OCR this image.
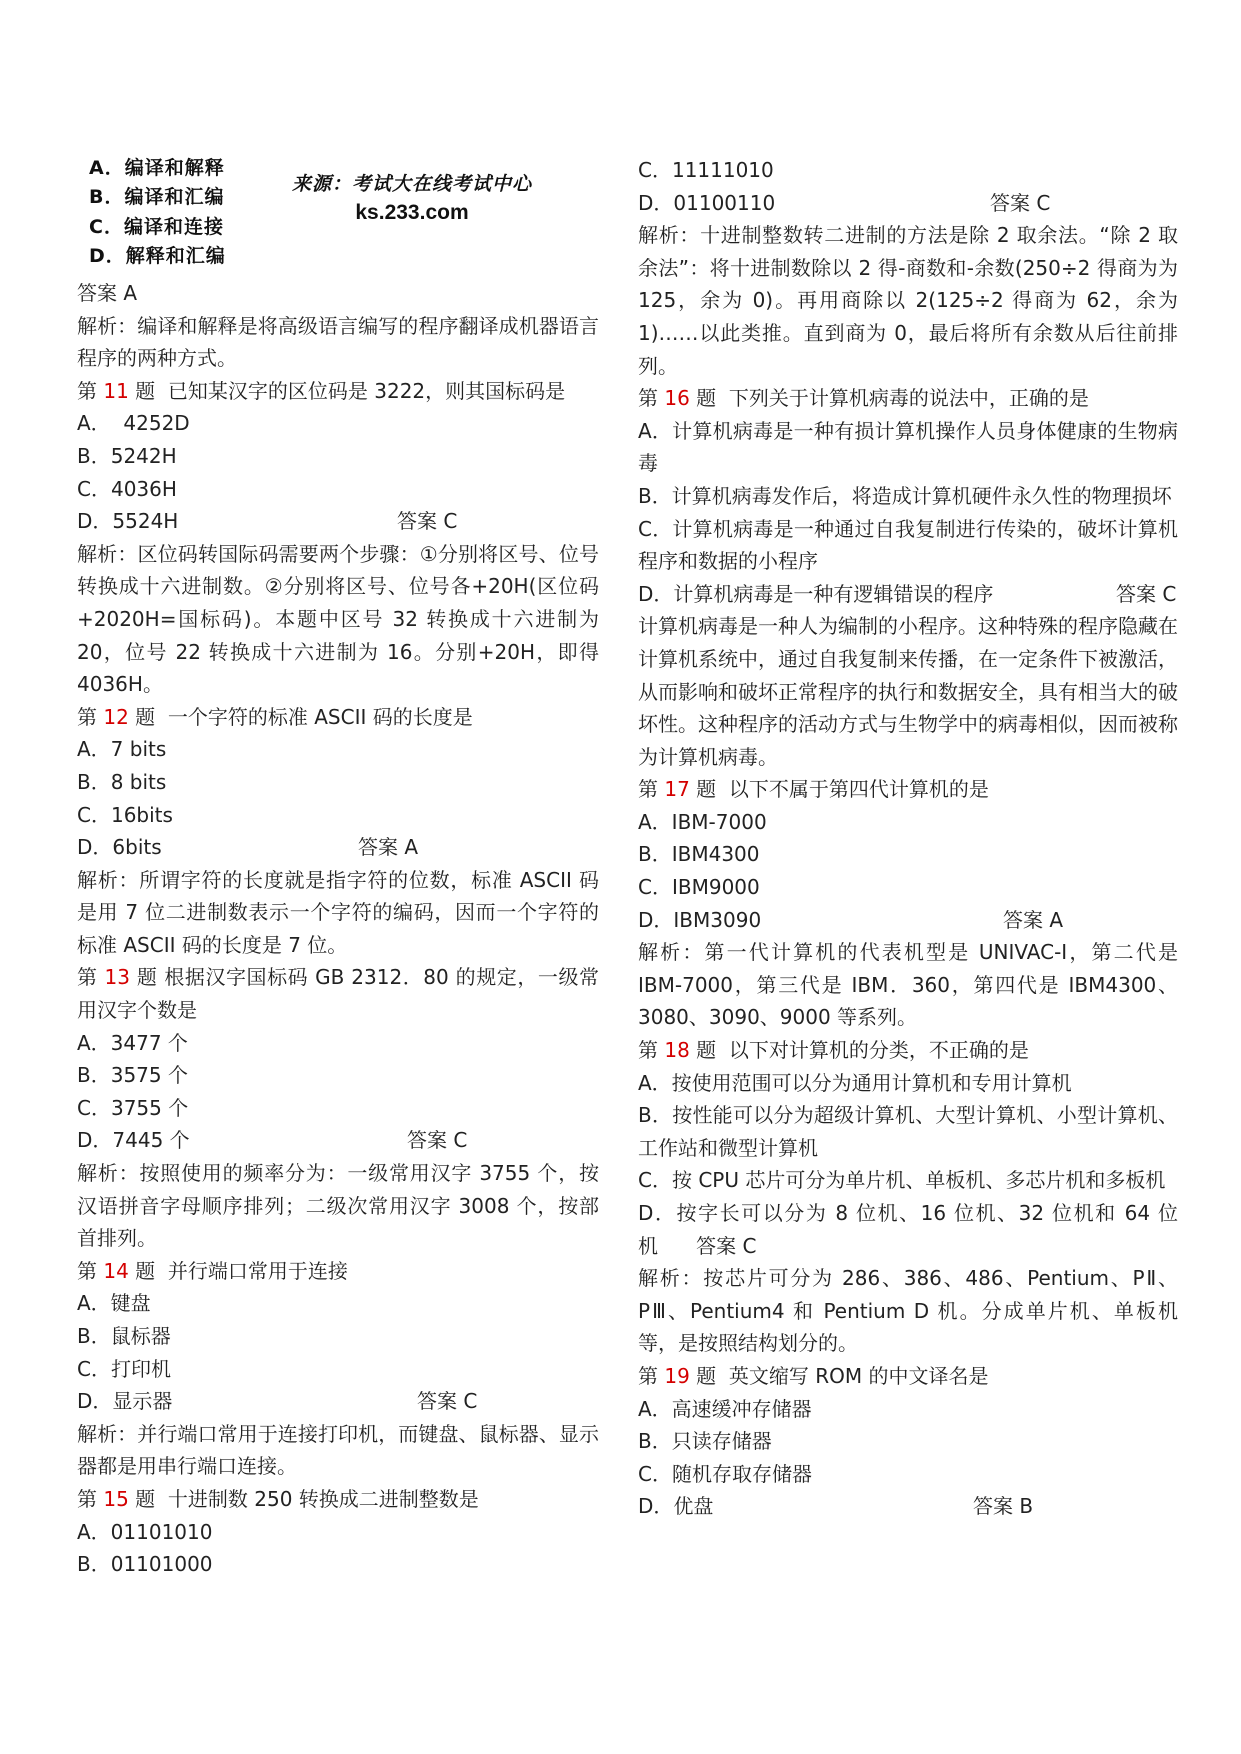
A．编译和解释
B．编译和汇编
C．编译和连接
D．解释和汇编
来源：考试大在线考试中心
ks.233.com
答案 A
解析：编译和解释是将高级语言编写的程序翻译成机器语言程序的两种方式。
第 11 题  已知某汉字的区位码是 3222，则其国标码是
A．  4252D
B．5242H
C．4036H
D．5524H	答案 C
解析：区位码转国际码需要两个步骤：①分别将区号、位号转换成十六进制数。②分别将区号、位号各+20H(区位码+2020H=国标码)。本题中区号 32 转换成十六进制为 20，位号 22 转换成十六进制为 16。分别+20H，即得 4036H。
第 12 题  一个字符的标准 ASCII 码的长度是
A．7 bits
B．8 bits
C．16bits
D．6bits	答案 A
解析：所谓字符的长度就是指字符的位数，标准 ASCII 码是用 7 位二进制数表示一个字符的编码，因而一个字符的标准 ASCII 码的长度是 7 位。
第 13 题 根据汉字国标码 GB 2312．80 的规定，一级常用汉字个数是
A．3477 个
B．3575 个
C．3755 个
D．7445 个	答案 C
解析：按照使用的频率分为：一级常用汉字 3755 个，按汉语拼音字母顺序排列；二级次常用汉字 3008 个，按部首排列。
第 14 题  并行端口常用于连接
A．键盘
B．鼠标器
C．打印机
D．显示器	答案 C
解析：并行端口常用于连接打印机，而键盘、鼠标器、显示器都是用串行端口连接。
第 15 题  十进制数 250 转换成二进制整数是
A．01101010
B．01101000
C．11111010
D．01100110	答案 C
解析：十进制整数转二进制的方法是除 2 取余法。“除 2 取余法”：将十进制数除以 2 得-商数和-余数(250÷2 得商为为 125，余为 0)。再用商除以 2(125÷2 得商为 62，余为 1)……以此类推。直到商为 0，最后将所有余数从后往前排列。
第 16 题  下列关于计算机病毒的说法中，正确的是
A．计算机病毒是一种有损计算机操作人员身体健康的生物病毒
B．计算机病毒发作后，将造成计算机硬件永久性的物理损坏
C．计算机病毒是一种通过自我复制进行传染的，破坏计算机程序和数据的小程序
D．计算机病毒是一种有逻辑错误的程序	答案 C
计算机病毒是一种人为编制的小程序。这种特殊的程序隐藏在计算机系统中，通过自我复制来传播，在一定条件下被激活，从而影响和破坏正常程序的执行和数据安全，具有相当大的破坏性。这种程序的活动方式与生物学中的病毒相似，因而被称为计算机病毒。
第 17 题  以下不属于第四代计算机的是
A．IBM-7000
B．IBM4300
C．IBM9000
D．IBM3090	答案 A
解析：第一代计算机的代表机型是 UNIVAC-I，第二代是 IBM-7000，第三代是 IBM．360，第四代是 IBM4300、3080、3090、9000 等系列。
第 18 题  以下对计算机的分类，不正确的是
A．按使用范围可以分为通用计算机和专用计算机
B．按性能可以分为超级计算机、大型计算机、小型计算机、工作站和微型计算机
C．按 CPU 芯片可分为单片机、单板机、多芯片机和多板机
D．按字长可以分为 8 位机、16 位机、32 位机和 64 位机 答案 C
解析：按芯片可分为 286、386、486、Pentium、PⅡ、PⅢ、Pentium4 和 Pentium D 机。分成单片机、单板机等，是按照结构划分的。
第 19 题  英文缩写 ROM 的中文译名是
A．高速缓冲存储器
B．只读存储器
C．随机存取存储器
D．优盘	答案 B
